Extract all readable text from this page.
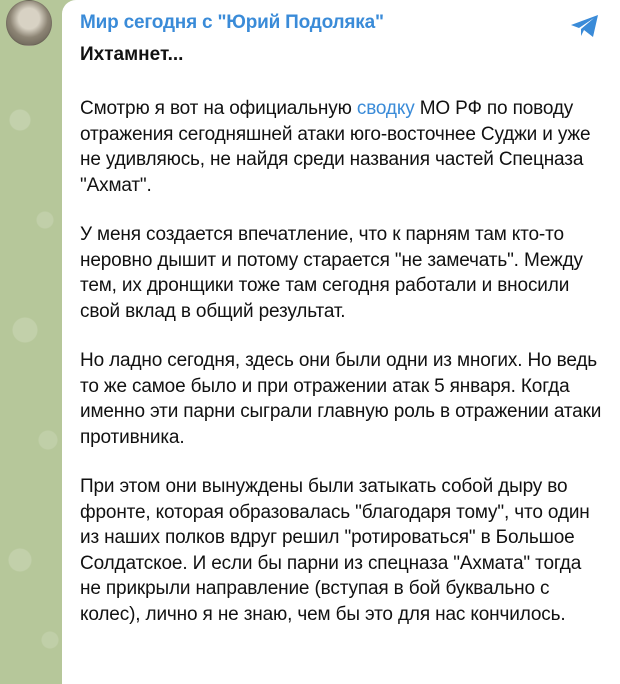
Мир сегодня с "Юрий Подоляка"
Ихтамнет...

Смотрю я вот на официальную сводку МО РФ по поводу отражения сегодняшней атаки юго-восточнее Суджи и уже не удивляюсь, не найдя среди названия частей Спецназа "Ахмат".

У меня создается впечатление, что к парням там кто-то неровно дышит и потому старается "не замечать". Между тем, их дронщики тоже там сегодня работали и вносили свой вклад в общий результат.

Но ладно сегодня, здесь они были одни из многих. Но ведь то же самое было и при отражении атак 5 января. Когда именно эти парни сыграли главную роль в отражении атаки противника.

При этом они вынуждены были затыкать собой дыру во фронте, которая образовалась "благодаря тому", что один из наших полков вдруг решил "ротироваться" в Большое Солдатское. И если бы парни из спецназа "Ахмата" тогда не прикрыли направление (вступая в бой буквально с колес), лично я не знаю, чем бы это для нас кончилось.
